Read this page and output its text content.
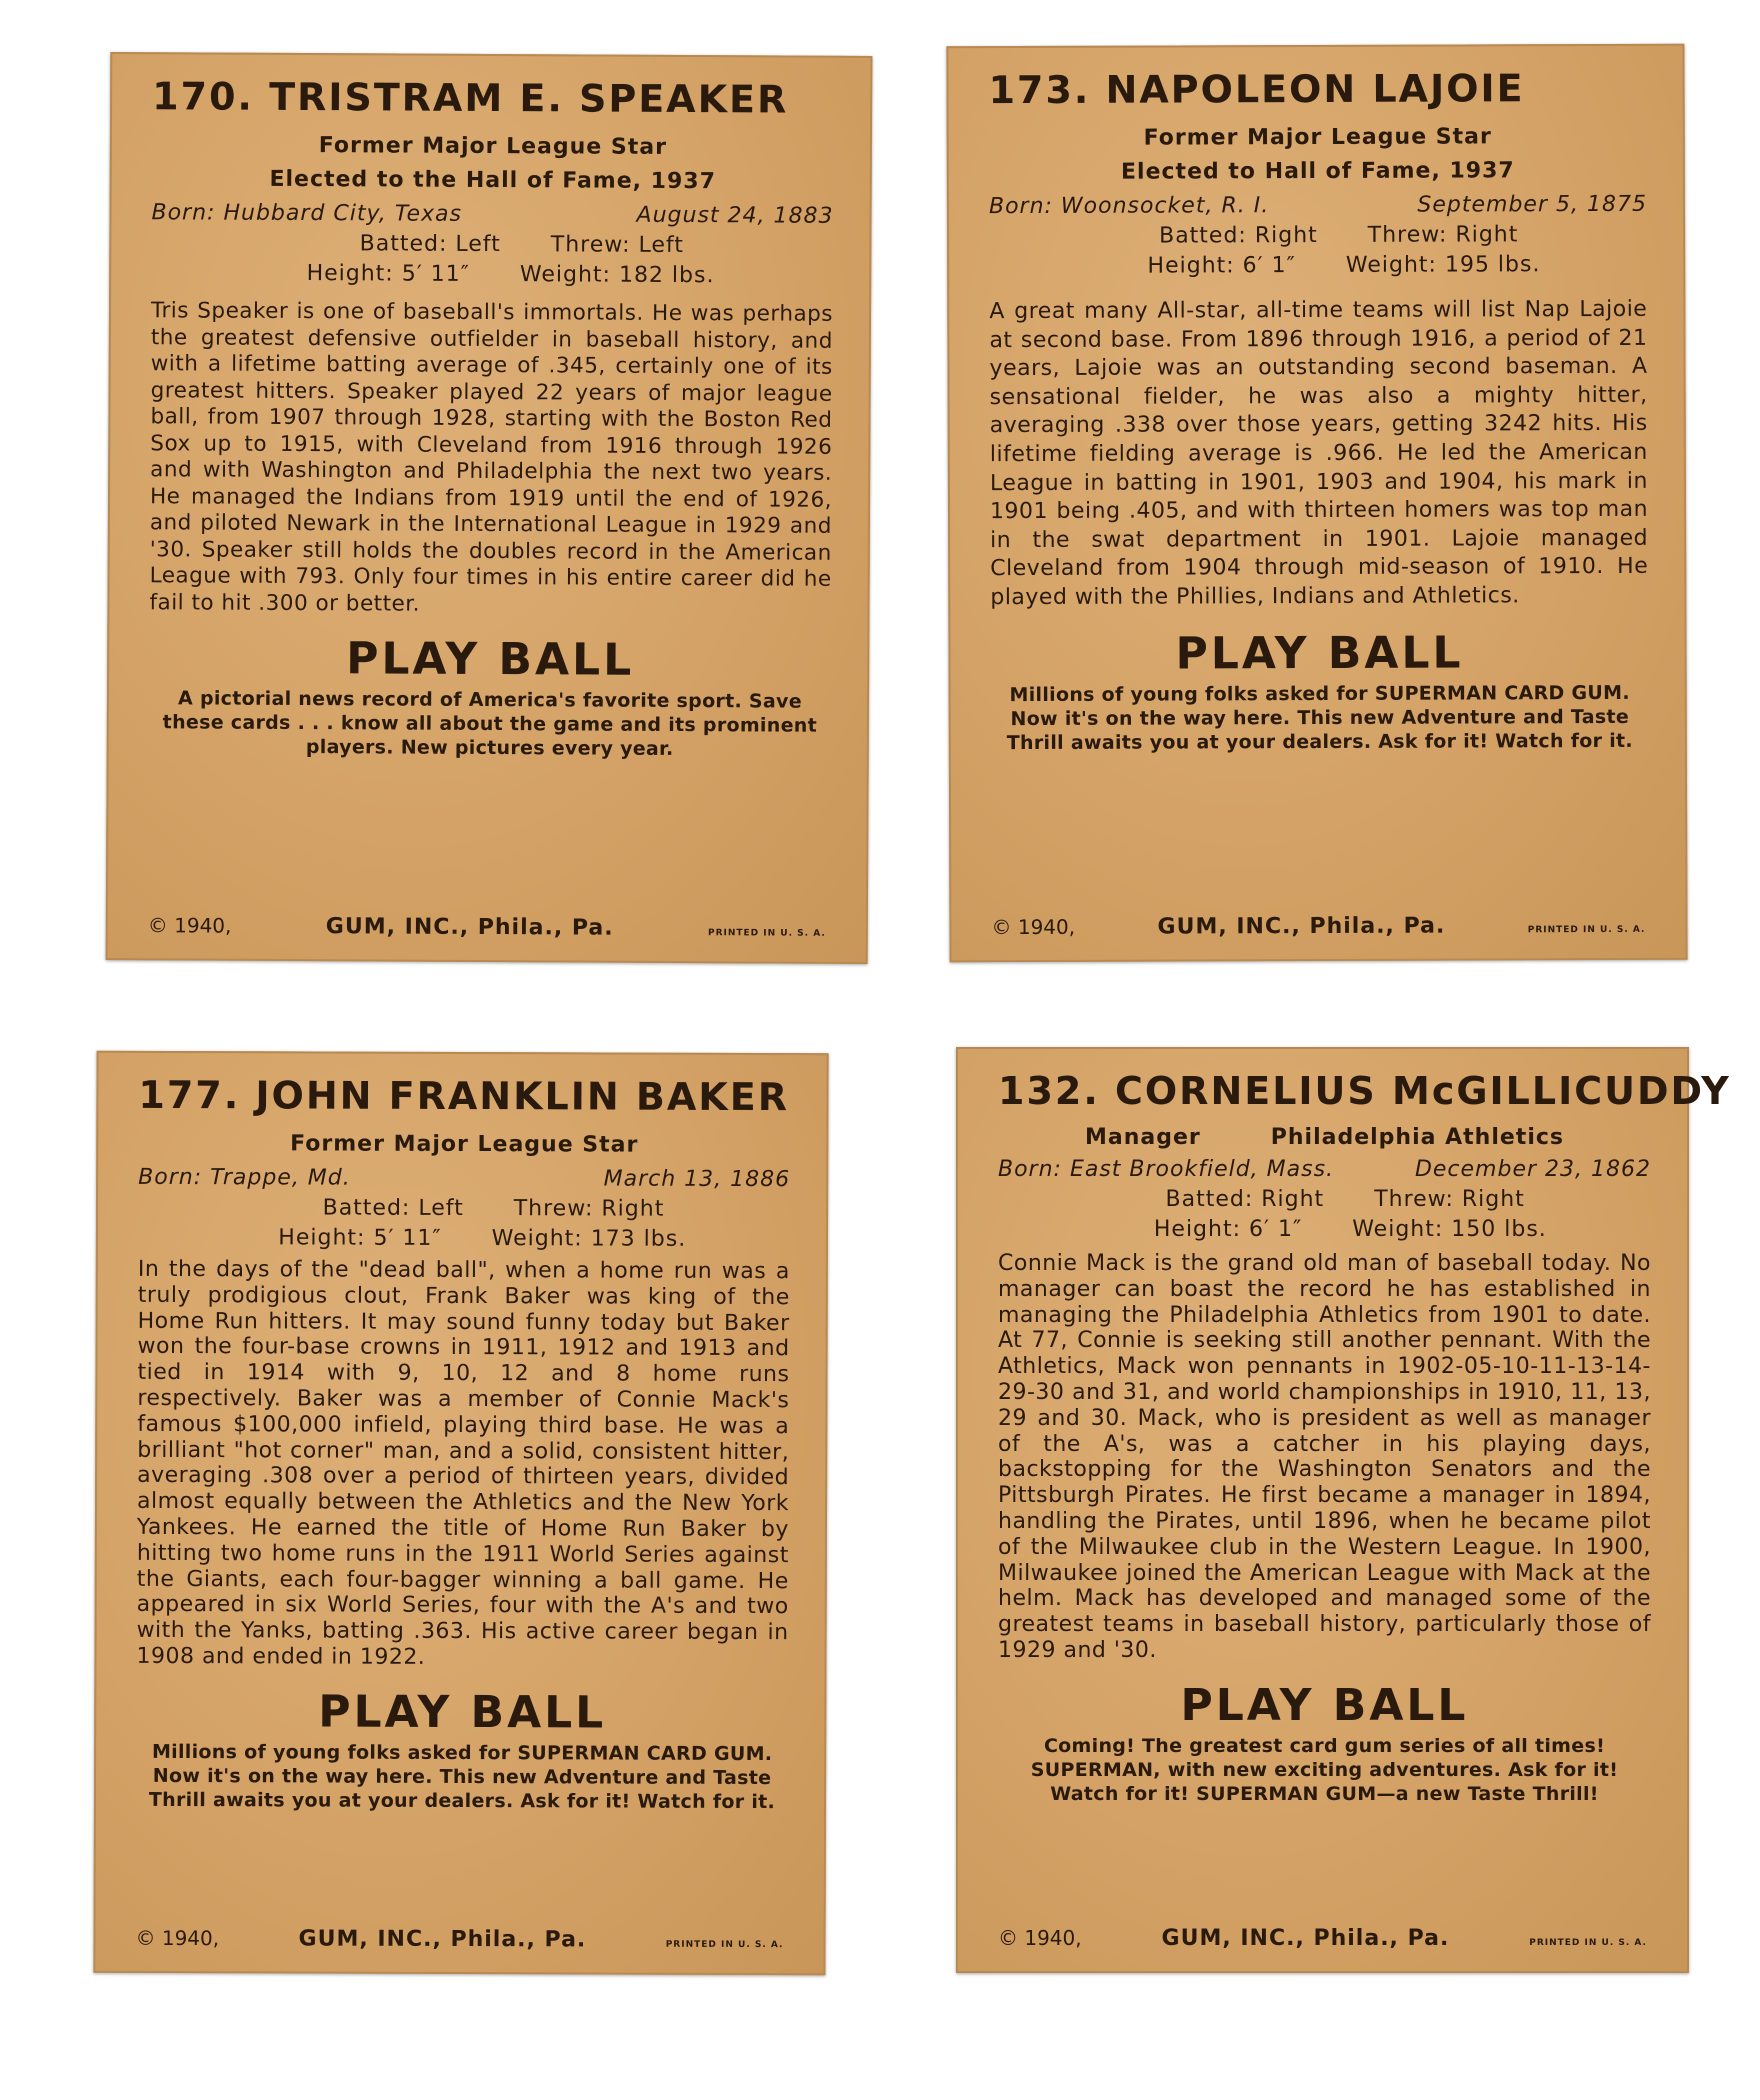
170. TRISTRAM E. SPEAKER
Former Major League Star
Elected to the Hall of Fame, 1937
Born: Hubbard City, Texas	August 24, 1883
Batted: Left Threw: Left
Height: 5′ 11″ Weight: 182 lbs.
Tris Speaker is one of baseball's immortals. He was perhaps the greatest defensive outfielder in baseball history, and with a lifetime batting average of .345, certainly one of its greatest hitters. Speaker played 22 years of major league ball, from 1907 through 1928, starting with the Boston Red Sox up to 1915, with Cleveland from 1916 through 1926 and with Washington and Philadelphia the next two years. He managed the Indians from 1919 until the end of 1926, and piloted Newark in the International League in 1929 and '30. Speaker still holds the doubles record in the American League with 793. Only four times in his entire career did he fail to hit .300 or better.
PLAY BALL
A pictorial news record of America's favorite sport. Save these cards . . . know all about the game and its prominent players. New pictures every year.
© 1940,	GUM, INC., Phila., Pa.	PRINTED IN U. S. A.
173. NAPOLEON LAJOIE
Former Major League Star
Elected to Hall of Fame, 1937
Born: Woonsocket, R. I.	September 5, 1875
Batted: Right Threw: Right
Height: 6′ 1″ Weight: 195 lbs.
A great many All-star, all-time teams will list Nap Lajoie at second base. From 1896 through 1916, a period of 21 years, Lajoie was an outstanding second baseman. A sensational fielder, he was also a mighty hitter, averaging .338 over those years, getting 3242 hits. His lifetime fielding average is .966. He led the American League in batting in 1901, 1903 and 1904, his mark in 1901 being .405, and with thirteen homers was top man in the swat department in 1901. Lajoie managed Cleveland from 1904 through mid-season of 1910. He played with the Phillies, Indians and Athletics.
PLAY BALL
Millions of young folks asked for SUPERMAN CARD GUM. Now it's on the way here. This new Adventure and Taste Thrill awaits you at your dealers. Ask for it! Watch for it.
© 1940,	GUM, INC., Phila., Pa.	PRINTED IN U. S. A.
177. JOHN FRANKLIN BAKER
Former Major League Star
Born: Trappe, Md.	March 13, 1886
Batted: Left Threw: Right
Height: 5′ 11″ Weight: 173 lbs.
In the days of the "dead ball", when a home run was a truly prodigious clout, Frank Baker was king of the Home Run hitters. It may sound funny today but Baker won the four-base crowns in 1911, 1912 and 1913 and tied in 1914 with 9, 10, 12 and 8 home runs respectively. Baker was a member of Connie Mack's famous $100,000 infield, playing third base. He was a brilliant "hot corner" man, and a solid, consistent hitter, averaging .308 over a period of thirteen years, divided almost equally between the Athletics and the New York Yankees. He earned the title of Home Run Baker by hitting two home runs in the 1911 World Series against the Giants, each four-bagger winning a ball game. He appeared in six World Series, four with the A's and two with the Yanks, batting .363. His active career began in 1908 and ended in 1922.
PLAY BALL
Millions of young folks asked for SUPERMAN CARD GUM. Now it's on the way here. This new Adventure and Taste Thrill awaits you at your dealers. Ask for it! Watch for it.
© 1940,	GUM, INC., Phila., Pa.	PRINTED IN U. S. A.
132. CORNELIUS McGILLICUDDY
Manager	Philadelphia Athletics
Born: East Brookfield, Mass.	December 23, 1862
Batted: Right Threw: Right
Height: 6′ 1″ Weight: 150 lbs.
Connie Mack is the grand old man of baseball today. No manager can boast the record he has established in managing the Philadelphia Athletics from 1901 to date. At 77, Connie is seeking still another pennant. With the Athletics, Mack won pennants in 1902-05-10-11-13-14-29-30 and 31, and world championships in 1910, 11, 13, 29 and 30. Mack, who is president as well as manager of the A's, was a catcher in his playing days, backstopping for the Washington Senators and the Pittsburgh Pirates. He first became a manager in 1894, handling the Pirates, until 1896, when he became pilot of the Milwaukee club in the Western League. In 1900, Milwaukee joined the American League with Mack at the helm. Mack has developed and managed some of the greatest teams in baseball history, particularly those of 1929 and '30.
PLAY BALL
Coming! The greatest card gum series of all times! SUPERMAN, with new exciting adventures. Ask for it! Watch for it! SUPERMAN GUM—a new Taste Thrill!
© 1940,	GUM, INC., Phila., Pa.	PRINTED IN U. S. A.
